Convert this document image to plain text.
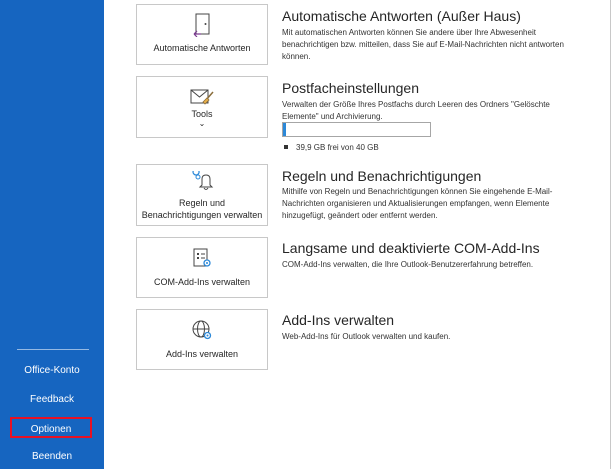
Office-Konto
Feedback
Optionen
Beenden
Automatische Antworten
Automatische Antworten (Außer Haus)
Mit automatischen Antworten können Sie andere über Ihre Abwesenheit benachrichtigen bzw. mitteilen, dass Sie auf E-Mail-Nachrichten nicht antworten können.
Tools
⌄
Postfacheinstellungen
Verwalten der Größe Ihres Postfachs durch Leeren des Ordners "Gelöschte Elemente" und Archivierung.
39,9 GB frei von 40 GB
Regeln und Benachrichtigungen verwalten
Regeln und Benachrichtigungen
Mithilfe von Regeln und Benachrichtigungen können Sie eingehende E-Mail-Nachrichten organisieren und Aktualisierungen empfangen, wenn Elemente hinzugefügt, geändert oder entfernt werden.
COM-Add-Ins verwalten
Langsame und deaktivierte COM-Add-Ins
COM-Add-Ins verwalten, die Ihre Outlook-Benutzererfahrung betreffen.
Add-Ins verwalten
Add-Ins verwalten
Web-Add-Ins für Outlook verwalten und kaufen.
